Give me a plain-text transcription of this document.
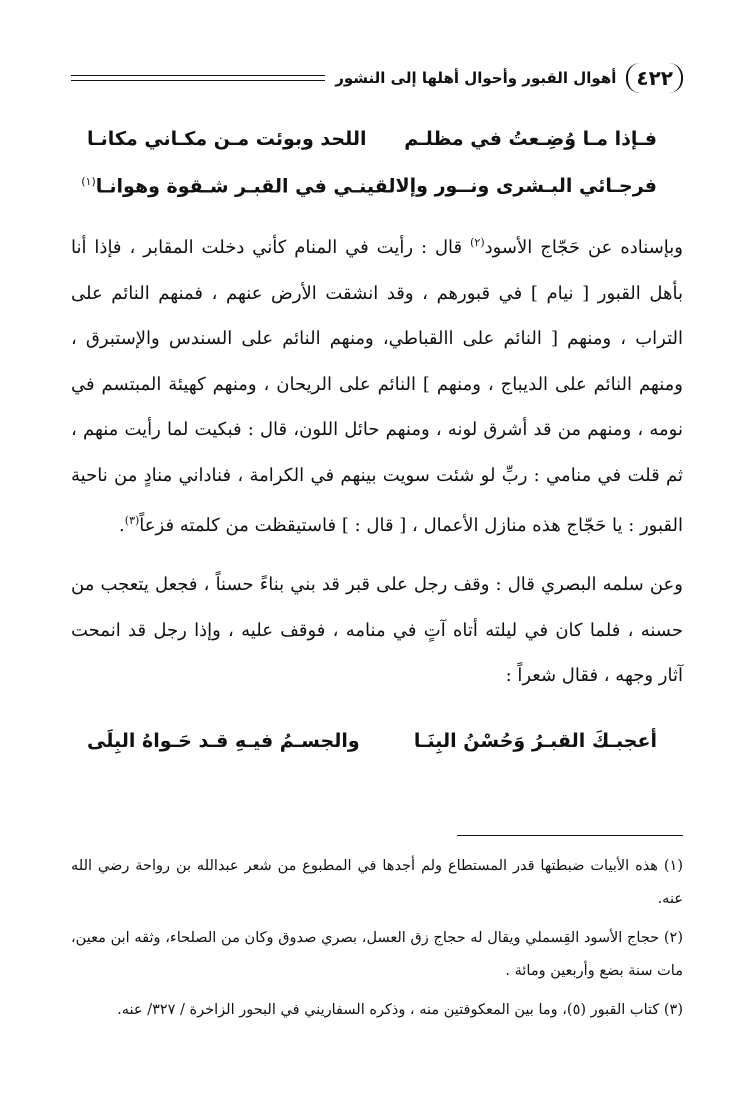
٤٢٢
أهوال القبور وأحوال أهلها إلى النشور
فـإذا مـا وُضِـعتُ في مظلـم
اللحد وبوئت مـن مكـاني مكانـا
فرجـائي البـشرى ونــور وإلا
لقينـي في القبـر شـقوة وهوانـا$^{(١)}$
وبإسناده عن حَجّاج الأسود$^{(٢)}$ قال : رأيت في المنام كأني دخلت المقابر ، فإذا أنا بأهل القبور [ نيام ] في قبورهم ، وقد انشقت الأرض عنهم ، فمنهم النائم على التراب ، ومنهم [ النائم على االقباطي، ومنهم النائم على السندس والإستبرق ، ومنهم النائم على الديباج ، ومنهم ] النائم على الريحان ، ومنهم كهيئة المبتسم في نومه ، ومنهم من قد أشرق لونه ، ومنهم حائل اللون، قال : فبكيت لما رأيت منهم ، ثم قلت في منامي : ربِّ لو شئت سويت بينهم في الكرامة ، فناداني منادٍ من ناحية القبور : يا حَجّاج هذه منازل الأعمال ، [ قال : ] فاستيقظت من كلمته فزعاً$^{(٣)}$.
وعن سلمه البصري قال : وقف رجل على قبر قد بني بناءً حسناً ، فجعل يتعجب من حسنه ، فلما كان في ليلته أتاه آتٍ في منامه ، فوقف عليه ، وإذا رجل قد انمحت آثار وجهه ، فقال شعراً :
أعجبـكَ القبـرُ وَحُسْنُ البِنَـا
والجسـمُ فيـهِ قـد حَـواهُ البِلَى

(١) هذه الأبيات ضبطتها قدر المستطاع ولم أجدها في المطبوع من شعر عبدالله بن رواحة رضي الله عنه.

(٢) حجاج الأسود القِسملي ويقال له حجاج زق العسل، بصري صدوق وكان من الصلحاء، وثقه ابن معين، مات سنة بضع وأربعين ومائة .

(٣) كتاب القبور (٥)، وما بين المعكوفتين منه ، وذكره السفاريني في البحور الزاخرة / ٣٢٧/ عنه.
